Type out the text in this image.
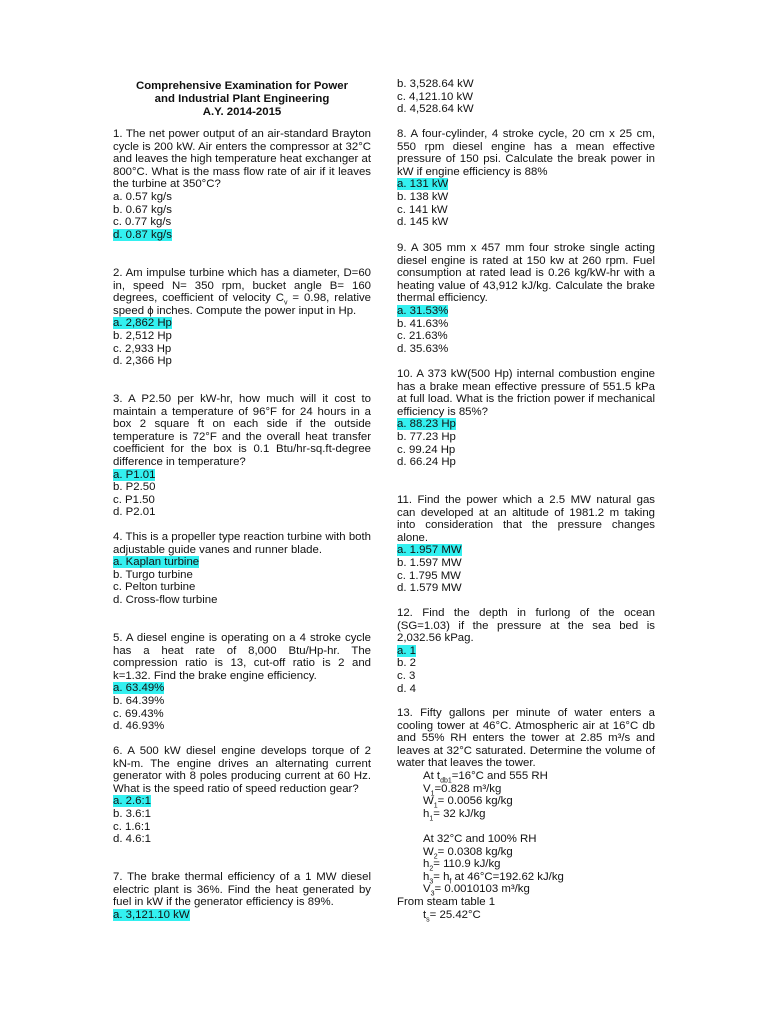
Comprehensive Examination for Power
and Industrial Plant Engineering
A.Y. 2014-2015
1. The net power output of an air-standard Brayton cycle is 200 kW. Air enters the compressor at 32°C and leaves the high temperature heat exchanger at 800°C. What is the mass flow rate of air if it leaves the turbine at 350°C?
a. 0.57 kg/s
b. 0.67 kg/s
c. 0.77 kg/s
d. 0.87 kg/s
2. Am impulse turbine which has a diameter, D=60 in, speed N= 350 rpm, bucket angle B= 160 degrees, coefficient of velocity $C_v = 0.98$, relative speed ϕ inches. Compute the power input in Hp.
a. 2,862 Hp
b. 2,512 Hp
c. 2,933 Hp
d. 2,366 Hp
3. A P2.50 per kW-hr, how much will it cost to maintain a temperature of 96°F for 24 hours in a box 2 square ft on each side if the outside temperature is 72°F and the overall heat transfer coefficient for the box is 0.1 Btu/hr-sq.ft-degree difference in temperature?
a. P1.01
b. P2.50
c. P1.50
d. P2.01
4. This is a propeller type reaction turbine with both adjustable guide vanes and runner blade.
a. Kaplan turbine
b. Turgo turbine
c. Pelton turbine
d. Cross-flow turbine
5. A diesel engine is operating on a 4 stroke cycle has a heat rate of 8,000 Btu/Hp-hr. The compression ratio is 13, cut-off ratio is 2 and k=1.32. Find the brake engine efficiency.
a. 63.49%
b. 64.39%
c. 69.43%
d. 46.93%
6. A 500 kW diesel engine develops torque of 2 kN-m. The engine drives an alternating current generator with 8 poles producing current at 60 Hz. What is the speed ratio of speed reduction gear?
a. 2.6:1
b. 3.6:1
c. 1.6:1
d. 4.6:1
7. The brake thermal efficiency of a 1 MW diesel electric plant is 36%. Find the heat generated by fuel in kW if the generator efficiency is 89%.
a. 3,121.10 kW
b. 3,528.64 kW
c. 4,121.10 kW
d. 4,528.64 kW
8. A four-cylinder, 4 stroke cycle, 20 cm x 25 cm, 550 rpm diesel engine has a mean effective pressure of 150 psi. Calculate the break power in kW if engine efficiency is 88%
a. 131 kW
b. 138 kW
c. 141 kW
d. 145 kW
9. A 305 mm x 457 mm four stroke single acting diesel engine is rated at 150 kw at 260 rpm. Fuel consumption at rated lead is 0.26 kg/kW-hr with a heating value of 43,912 kJ/kg. Calculate the brake thermal efficiency.
a. 31.53%
b. 41.63%
c. 21.63%
d. 35.63%
10. A 373 kW(500 Hp) internal combustion engine has a brake mean effective pressure of 551.5 kPa at full load. What is the friction power if mechanical efficiency is 85%?
a. 88.23 Hp
b. 77.23 Hp
c. 99.24 Hp
d. 66.24 Hp
11. Find the power which a 2.5 MW natural gas can developed at an altitude of 1981.2 m taking into consideration that the pressure changes alone.
a. 1.957 MW
b. 1.597 MW
c. 1.795 MW
d. 1.579 MW
12. Find the depth in furlong of the ocean (SG=1.03) if the pressure at the sea bed is 2,032.56 kPag.
a. 1
b. 2
c. 3
d. 4
13. Fifty gallons per minute of water enters a cooling tower at 46°C. Atmospheric air at 16°C db and 55% RH enters the tower at 2.85 m³/s and leaves at 32°C saturated. Determine the volume of water that leaves the tower.
At $t_{db1}=16^\circ C$ and 555 RH
$V_1=0.828$ m³/kg
$W_1= 0.0056$ kg/kg
$h_1= 32$ kJ/kg
At 32°C and 100% RH
$W_2= 0.0308$ kg/kg
$h_2= 110.9$ kJ/kg
$h_3= h_f$ at 46°C=192.62 kJ/kg
$V_3= 0.0010103$ m³/kg
From steam table 1
$t_s= 25.42^\circ C$
